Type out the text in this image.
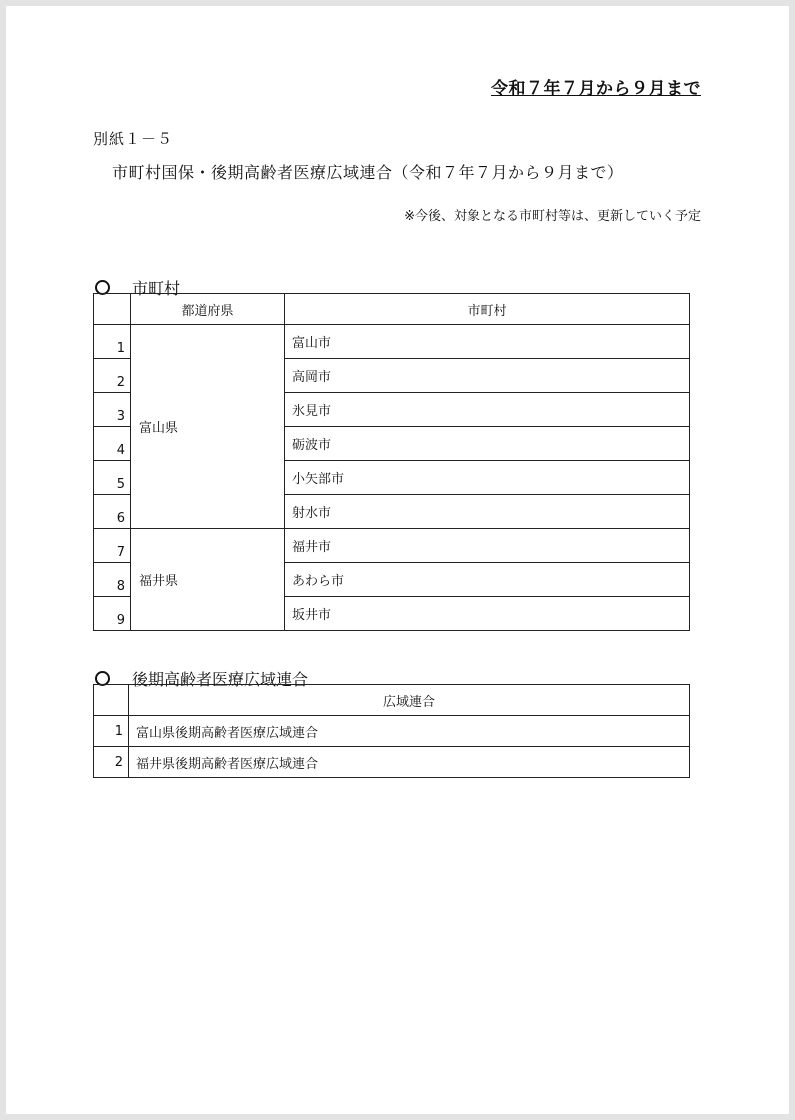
令和７年７月から９月まで
別紙１－５
市町村国保・後期高齢者医療広域連合（令和７年７月から９月まで）
※今後、対象となる市町村等は、更新していく予定
市町村
	都道府県	市町村
1	富山県	富山市
2		高岡市
3		氷見市
4		砺波市
5		小矢部市
6		射水市
7	福井県	福井市
8		あわら市
9		坂井市
後期高齢者医療広域連合
	広域連合
1	富山県後期高齢者医療広域連合
2	福井県後期高齢者医療広域連合
